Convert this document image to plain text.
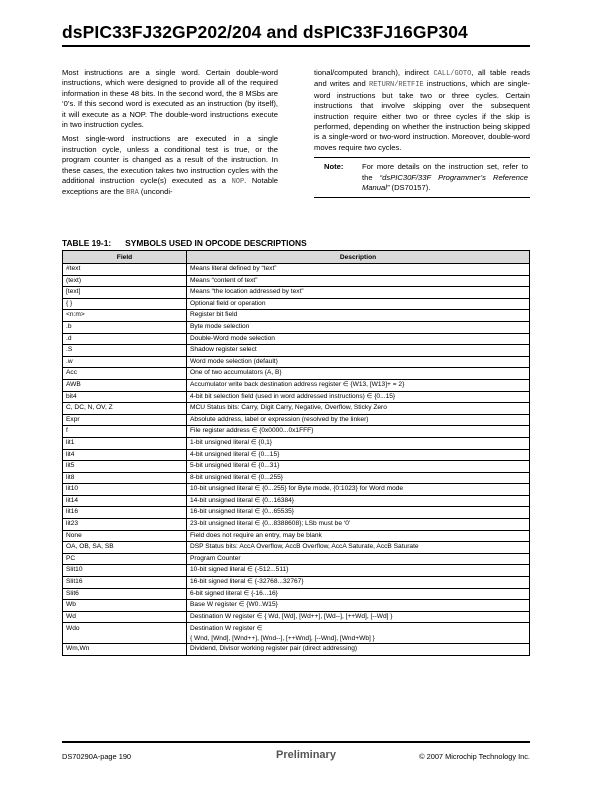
dsPIC33FJ32GP202/204 and dsPIC33FJ16GP304

Most instructions are a single word. Certain double-word instructions, which were designed to provide all of the required information in these 48 bits. In the second word, the 8 MSbs are ‘0’s. If this second word is executed as an instruction (by itself), it will execute as a NOP. The double-word instructions execute in two instruction cycles.

Most single-word instructions are executed in a single instruction cycle, unless a conditional test is true, or the program counter is changed as a result of the instruction. In these cases, the execution takes two instruction cycles with the additional instruction cycle(s) executed as a NOP. Notable exceptions are the BRA (uncondi-

tional/computed branch), indirect CALL/GOTO, all table reads and writes and RETURN/RETFIE instructions, which are single-word instructions but take two or three cycles. Certain instructions that involve skipping over the subsequent instruction require either two or three cycles if the skip is performed, depending on whether the instruction being skipped is a single-word or two-word instruction. Moreover, double-word moves require two cycles.

Note:	For more details on the instruction set, refer to the “dsPIC30F/33F Programmer’s Reference Manual” (DS70157).
TABLE 19-1: SYMBOLS USED IN OPCODE DESCRIPTIONS
Field	Description
#text	Means literal defined by “text”
(text)	Means “content of text”
[text]	Means “the location addressed by text”
{ }	Optional field or operation
<n:m>	Register bit field
.b	Byte mode selection
.d	Double-Word mode selection
.S	Shadow register select
.w	Word mode selection (default)
Acc	One of two accumulators {A, B}
AWB	Accumulator write back destination address register ∈ {W13, [W13]+ = 2}
bit4	4-bit bit selection field (used in word addressed instructions) ∈ {0...15}
C, DC, N, OV, Z	MCU Status bits: Carry, Digit Carry, Negative, Overflow, Sticky Zero
Expr	Absolute address, label or expression (resolved by the linker)
f	File register address ∈ {0x0000...0x1FFF}
lit1	1-bit unsigned literal ∈ {0,1}
lit4	4-bit unsigned literal ∈ {0...15}
lit5	5-bit unsigned literal ∈ {0...31}
lit8	8-bit unsigned literal ∈ {0...255}
lit10	10-bit unsigned literal ∈ {0...255} for Byte mode, {0:1023} for Word mode
lit14	14-bit unsigned literal ∈ {0...16384}
lit16	16-bit unsigned literal ∈ {0...65535}
lit23	23-bit unsigned literal ∈ {0...8388608}; LSb must be ‘0’
None	Field does not require an entry, may be blank
OA, OB, SA, SB	DSP Status bits: AccA Overflow, AccB Overflow, AccA Saturate, AccB Saturate
PC	Program Counter
Slit10	10-bit signed literal ∈ {-512...511}
Slit16	16-bit signed literal ∈ {-32768...32767}
Slit6	6-bit signed literal ∈ {-16...16}
Wb	Base W register ∈ {W0..W15}
Wd	Destination W register ∈ { Wd, [Wd], [Wd++], [Wd--], [++Wd], [--Wd] }
Wdo	Destination W register ∈
{ Wnd, [Wnd], [Wnd++], [Wnd--], [++Wnd], [--Wnd], [Wnd+Wb] }

Wm,Wn	Dividend, Divisor working register pair (direct addressing)
DS70290A-page 190	Preliminary	© 2007 Microchip Technology Inc.
